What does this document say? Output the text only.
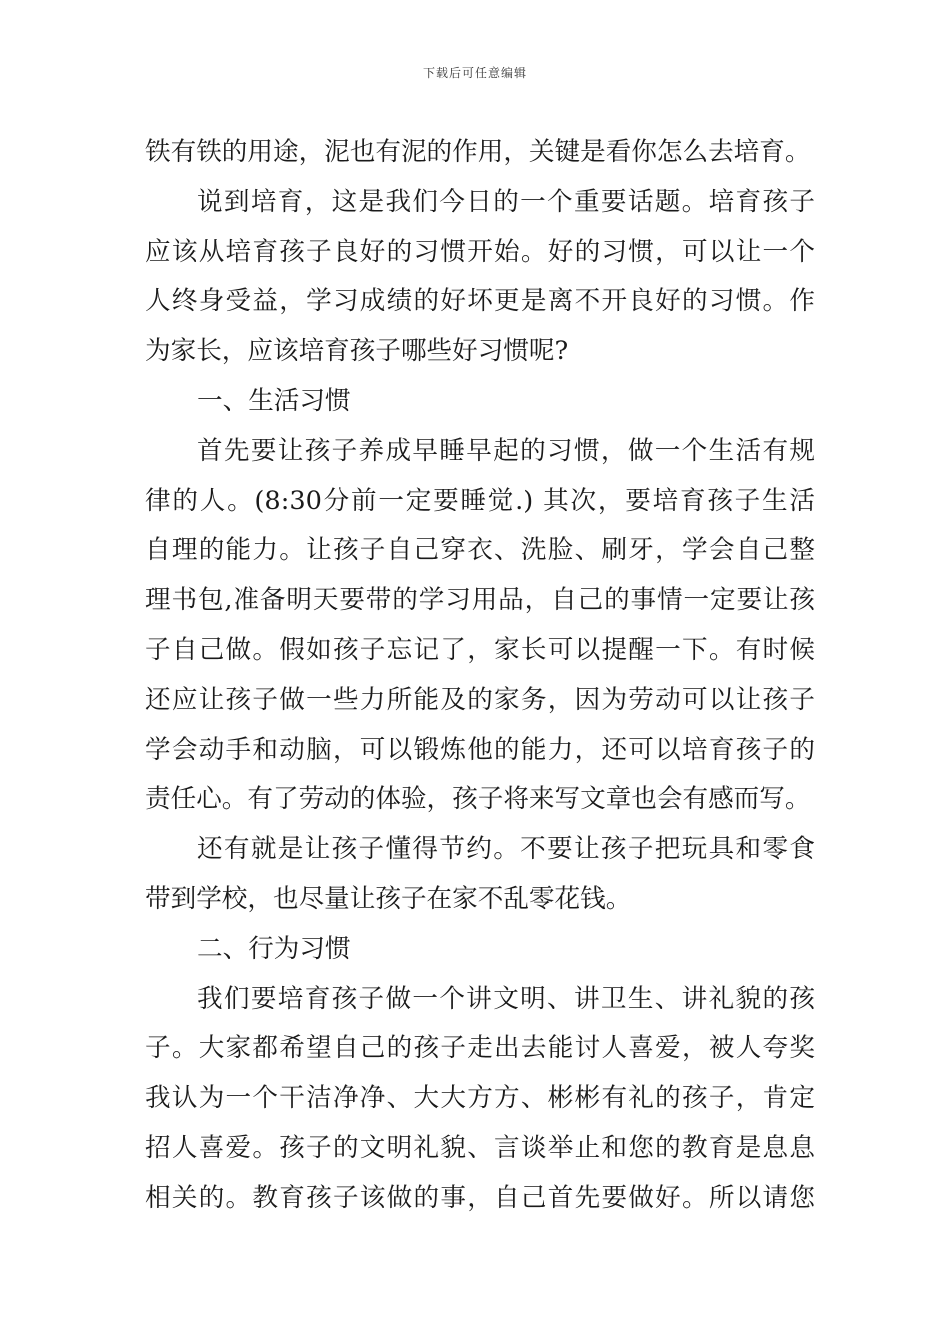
下载后可任意编辑
铁有铁的用途，泥也有泥的作用，关键是看你怎么去培育。
说到培育，这是我们今日的一个重要话题。培育孩子
应该从培育孩子良好的习惯开始。好的习惯，可以让一个
人终身受益，学习成绩的好坏更是离不开良好的习惯。作
为家长，应该培育孩子哪些好习惯呢?
一、生活习惯
首先要让孩子养成早睡早起的习惯，做一个生活有规
律的人。(8:30分前一定要睡觉.) 其次，要培育孩子生活
自理的能力。让孩子自己穿衣、洗脸、刷牙，学会自己整
理书包,准备明天要带的学习用品，自己的事情一定要让孩
子自己做。假如孩子忘记了，家长可以提醒一下。有时候
还应让孩子做一些力所能及的家务，因为劳动可以让孩子
学会动手和动脑，可以锻炼他的能力，还可以培育孩子的
责任心。有了劳动的体验，孩子将来写文章也会有感而写。
还有就是让孩子懂得节约。不要让孩子把玩具和零食
带到学校，也尽量让孩子在家不乱零花钱。
二、行为习惯
我们要培育孩子做一个讲文明、讲卫生、讲礼貌的孩
子。大家都希望自己的孩子走出去能讨人喜爱，被人夸奖
我认为一个干洁净净、大大方方、彬彬有礼的孩子，肯定
招人喜爱。孩子的文明礼貌、言谈举止和您的教育是息息
相关的。教育孩子该做的事，自己首先要做好。所以请您
